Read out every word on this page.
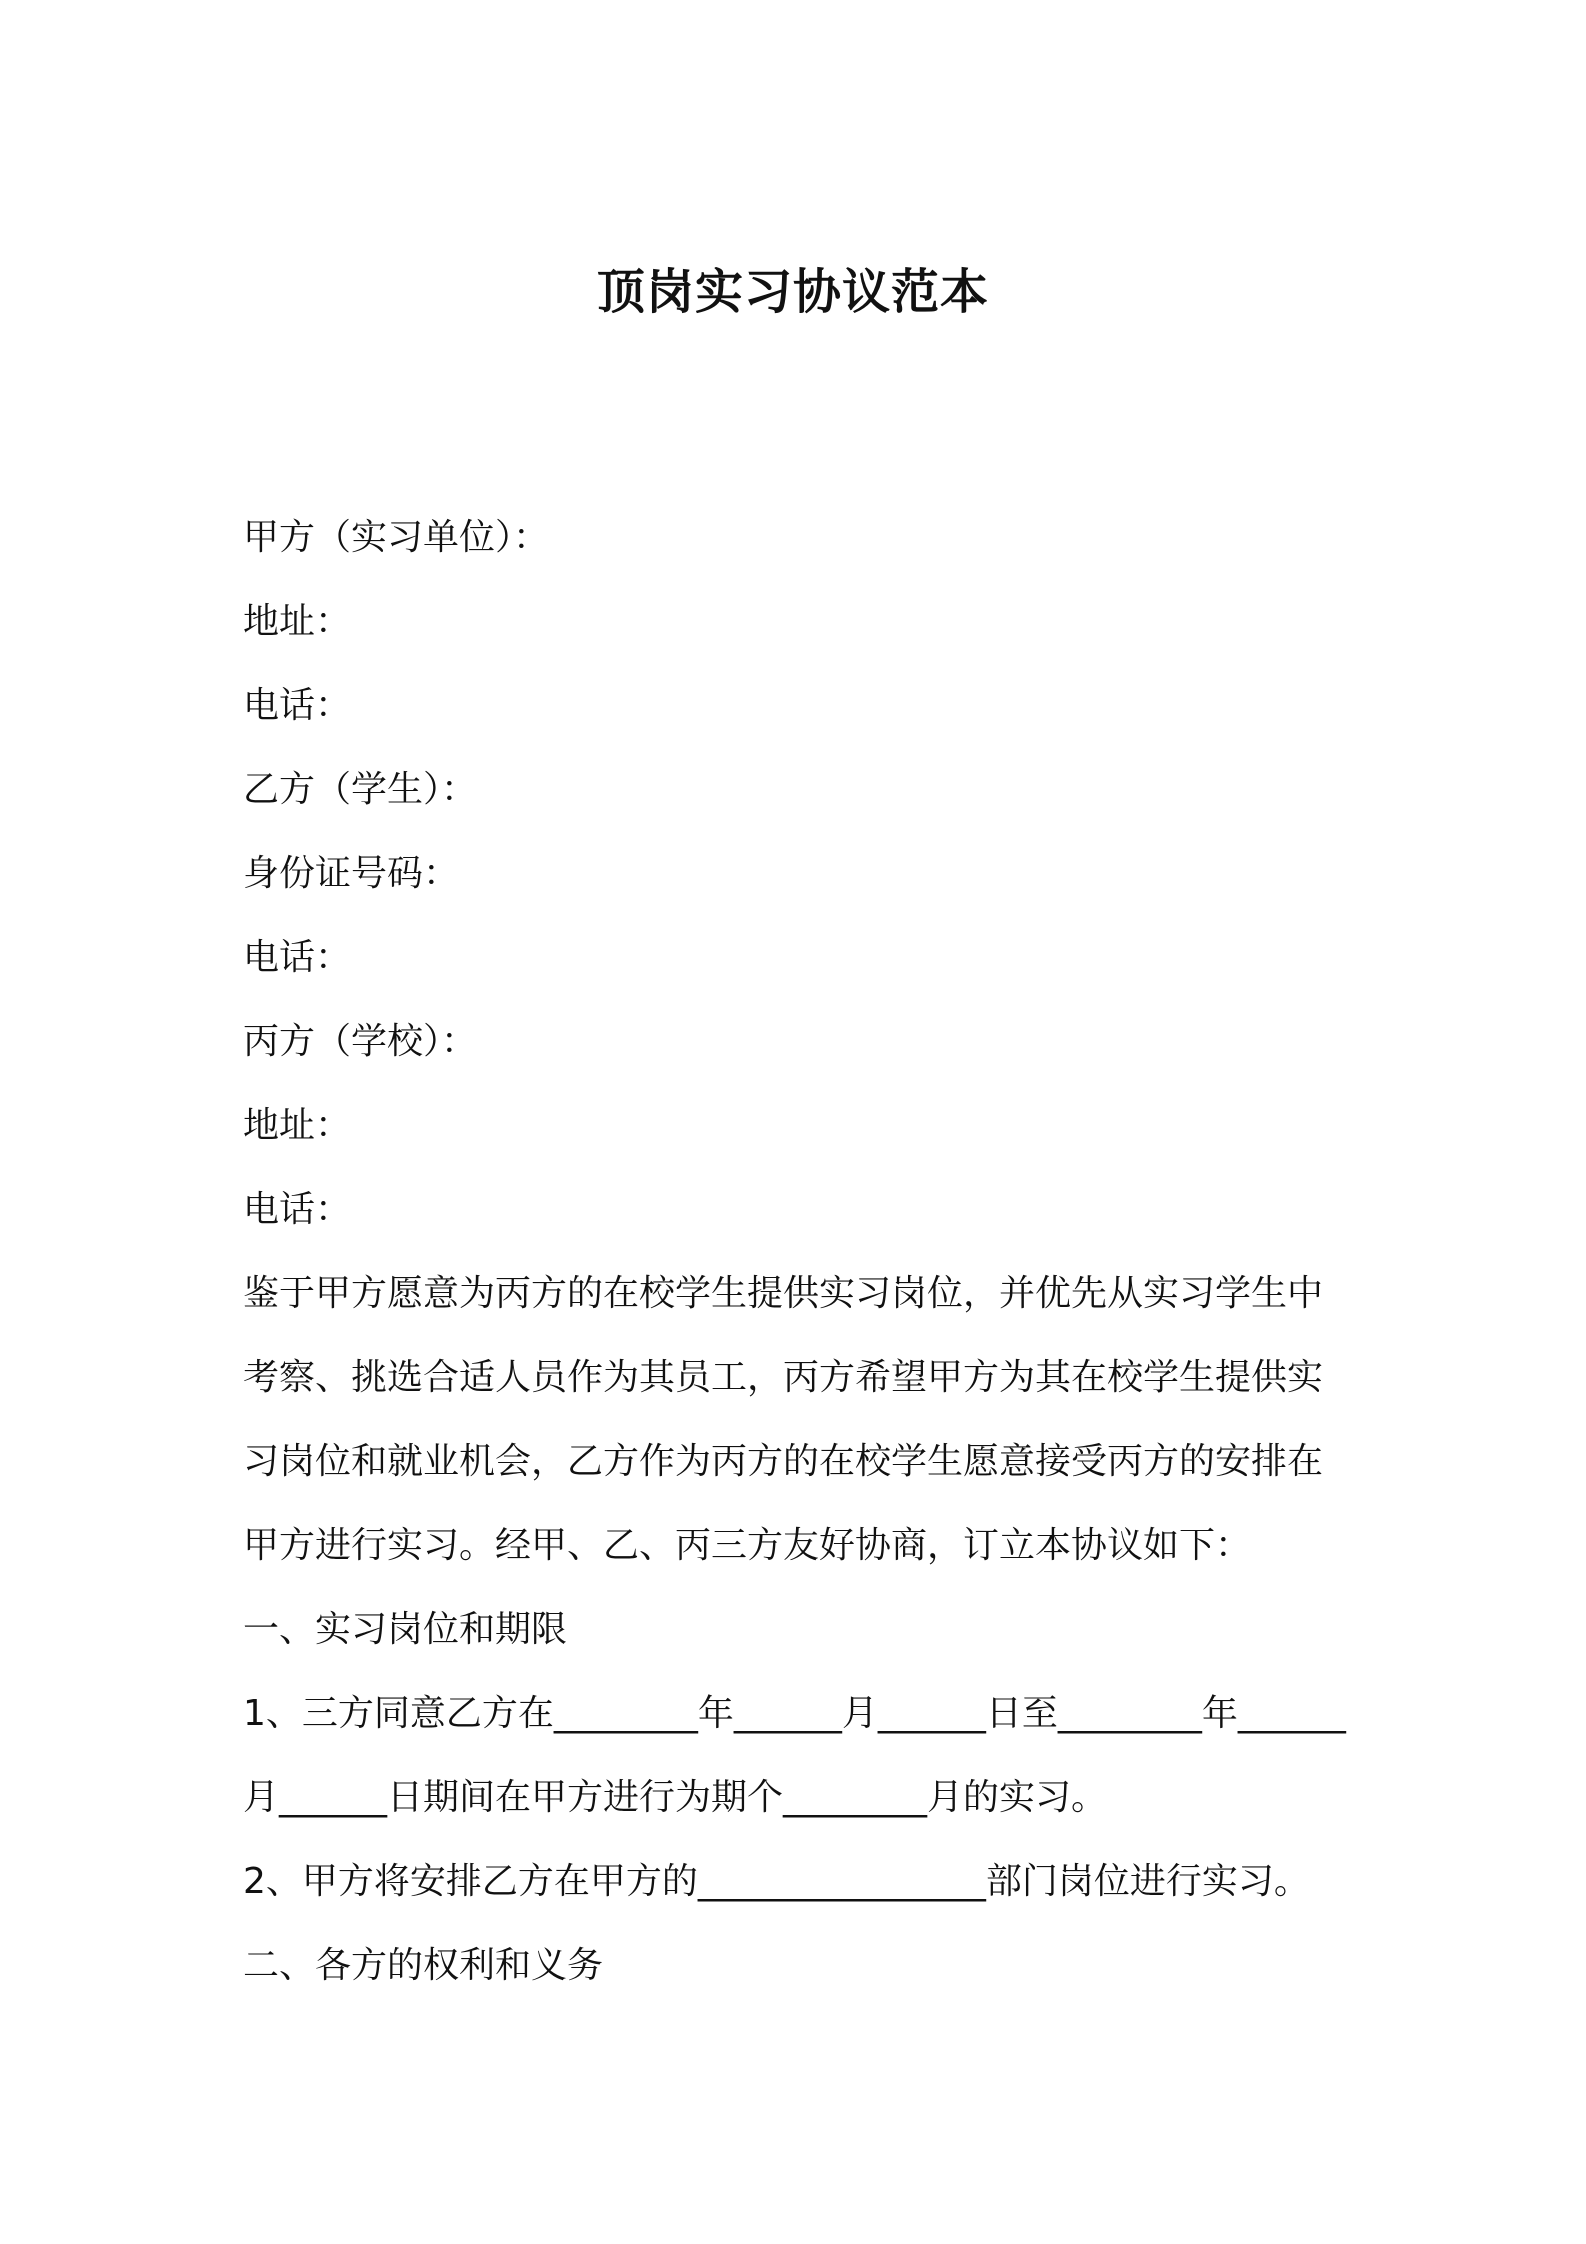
顶岗实习协议范本
甲方（实习单位）：
地址：
电话：
乙方（学生）：
身份证号码：
电话：
丙方（学校）：
地址：
电话：
鉴于甲方愿意为丙方的在校学生提供实习岗位，并优先从实习学生中
考察、挑选合适人员作为其员工，丙方希望甲方为其在校学生提供实
习岗位和就业机会，乙方作为丙方的在校学生愿意接受丙方的安排在
甲方进行实习。经甲、乙、丙三方友好协商，订立本协议如下：
一、实习岗位和期限
1、三方同意乙方在________年______月______日至________年______
月______日期间在甲方进行为期个________月的实习。
2、甲方将安排乙方在甲方的________________部门岗位进行实习。
二、各方的权利和义务
